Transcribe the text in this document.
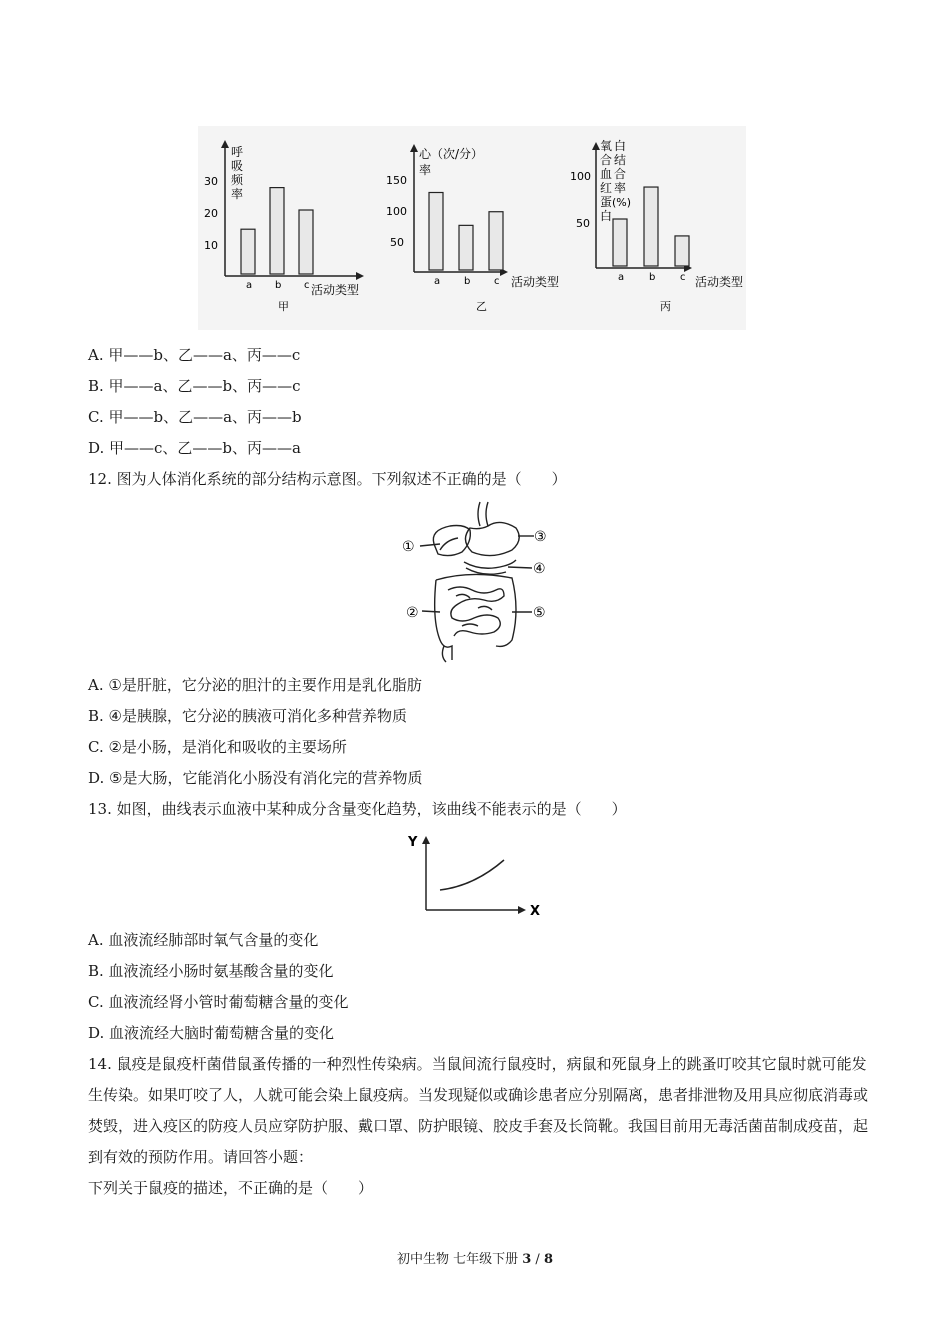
30
20
10
a b c 活动类型
甲
呼
吸
频
率
心（次/分）
率
150
100
50
a b c 活动类型
乙
氧
合
血
红
蛋
白
白
结
合
率
(%)
100
50
a b c 活动类型
丙
A. 甲——b、乙——a、丙——c
B. 甲——a、乙——b、丙——c
C. 甲——b、乙——a、丙——b
D. 甲——c、乙——b、丙——a
12. 图为人体消化系统的部分结构示意图。下列叙述不正确的是（　　）
①
②
③
④
⑤
A. ①是肝脏，它分泌的胆汁的主要作用是乳化脂肪
B. ④是胰腺，它分泌的胰液可消化多种营养物质
C. ②是小肠，是消化和吸收的主要场所
D. ⑤是大肠，它能消化小肠没有消化完的营养物质
13. 如图，曲线表示血液中某种成分含量变化趋势，该曲线不能表示的是（　　）
Y
X
A. 血液流经肺部时氧气含量的变化
B. 血液流经小肠时氨基酸含量的变化
C. 血液流经肾小管时葡萄糖含量的变化
D. 血液流经大脑时葡萄糖含量的变化
14. 鼠疫是鼠疫杆菌借鼠蚤传播的一种烈性传染病。当鼠间流行鼠疫时，病鼠和死鼠身上的跳蚤叮咬其它鼠时就可能发生传染。如果叮咬了人，人就可能会染上鼠疫病。当发现疑似或确诊患者应分别隔离，患者排泄物及用具应彻底消毒或焚毁，进入疫区的防疫人员应穿防护服、戴口罩、防护眼镜、胶皮手套及长筒靴。我国目前用无毒活菌苗制成疫苗，起到有效的预防作用。请回答小题：
下列关于鼠疫的描述，不正确的是（　　）
初中生物 七年级下册 3 / 8
